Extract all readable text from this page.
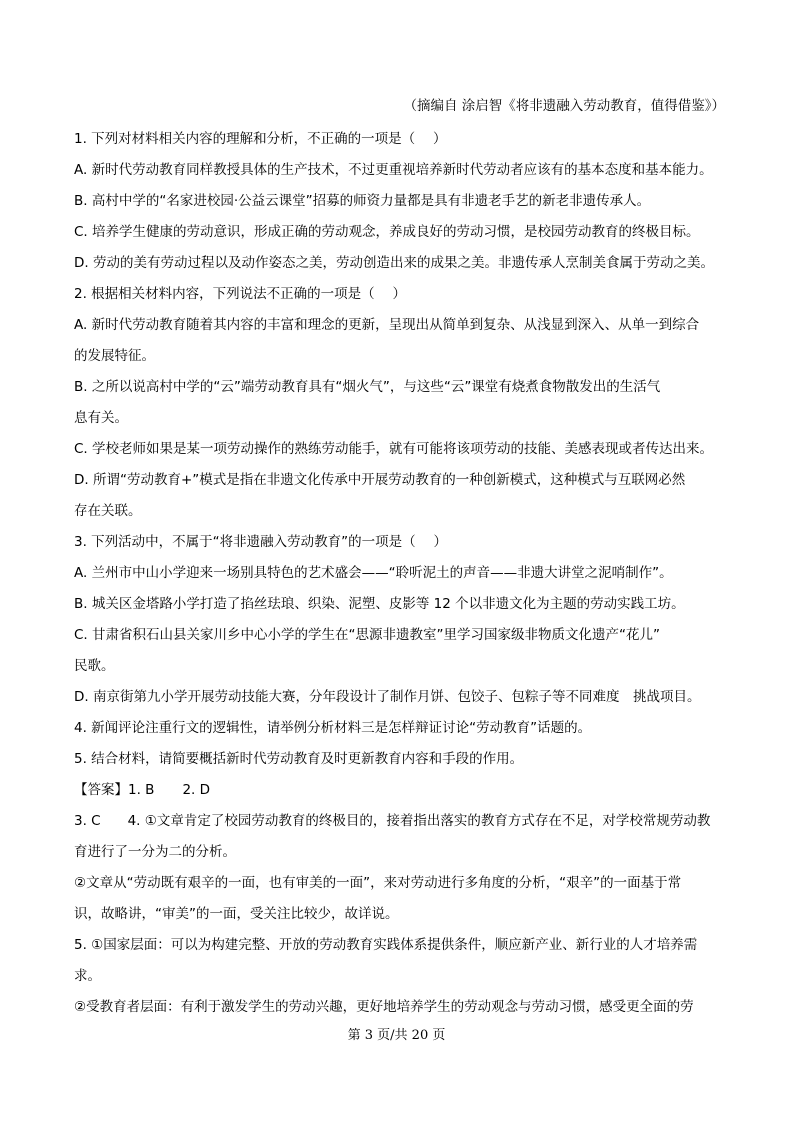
（摘编自 涂启智《将非遗融入劳动教育，值得借鉴》）

1. 下列对材料相关内容的理解和分析，不正确的一项是（　 ）

A. 新时代劳动教育同样教授具体的生产技术，不过更重视培养新时代劳动者应该有的基本态度和基本能力。

B. 高村中学的“名家进校园·公益云课堂”招募的师资力量都是具有非遗老手艺的新老非遗传承人。

C. 培养学生健康的劳动意识，形成正确的劳动观念，养成良好的劳动习惯，是校园劳动教育的终极目标。

D. 劳动的美有劳动过程以及动作姿态之美，劳动创造出来的成果之美。非遗传承人烹制美食属于劳动之美。

2. 根据相关材料内容，下列说法不正确的一项是（　 ）

A. 新时代劳动教育随着其内容的丰富和理念的更新，呈现出从简单到复杂、从浅显到深入、从单一到综合

的发展特征。

B. 之所以说高村中学的“云”端劳动教育具有“烟火气”，与这些“云”课堂有烧煮食物散发出的生活气

息有关。

C. 学校老师如果是某一项劳动操作的熟练劳动能手，就有可能将该项劳动的技能、美感表现或者传达出来。

D. 所谓“劳动教育+”模式是指在非遗文化传承中开展劳动教育的一种创新模式，这种模式与互联网必然

存在关联。

3. 下列活动中，不属于“将非遗融入劳动教育”的一项是（　 ）

A. 兰州市中山小学迎来一场别具特色的艺术盛会——“聆听泥土的声音——非遗大讲堂之泥哨制作”。

B. 城关区金塔路小学打造了掐丝珐琅、织染、泥塑、皮影等 12 个以非遗文化为主题的劳动实践工坊。

C. 甘肃省积石山县关家川乡中心小学的学生在“思源非遗教室”里学习国家级非物质文化遗产“花儿”

民歌。

D. 南京街第九小学开展劳动技能大赛，分年段设计了制作月饼、包饺子、包粽子等不同难度　挑战项目。

4. 新闻评论注重行文的逻辑性，请举例分析材料三是怎样辩证讨论“劳动教育”话题的。

5. 结合材料，请简要概括新时代劳动教育及时更新教育内容和手段的作用。

【答案】1. B 2. D

3. C　　4. ①文章肯定了校园劳动教育的终极目的，接着指出落实的教育方式存在不足，对学校常规劳动教

育进行了一分为二的分析。

②文章从“劳动既有艰辛的一面，也有审美的一面”，来对劳动进行多角度的分析，“艰辛”的一面基于常

识，故略讲，“审美”的一面，受关注比较少，故详说。

5. ①国家层面：可以为构建完整、开放的劳动教育实践体系提供条件，顺应新产业、新行业的人才培养需

求。

②受教育者层面：有利于激发学生的劳动兴趣，更好地培养学生的劳动观念与劳动习惯，感受更全面的劳

第 3 页/共 20 页
